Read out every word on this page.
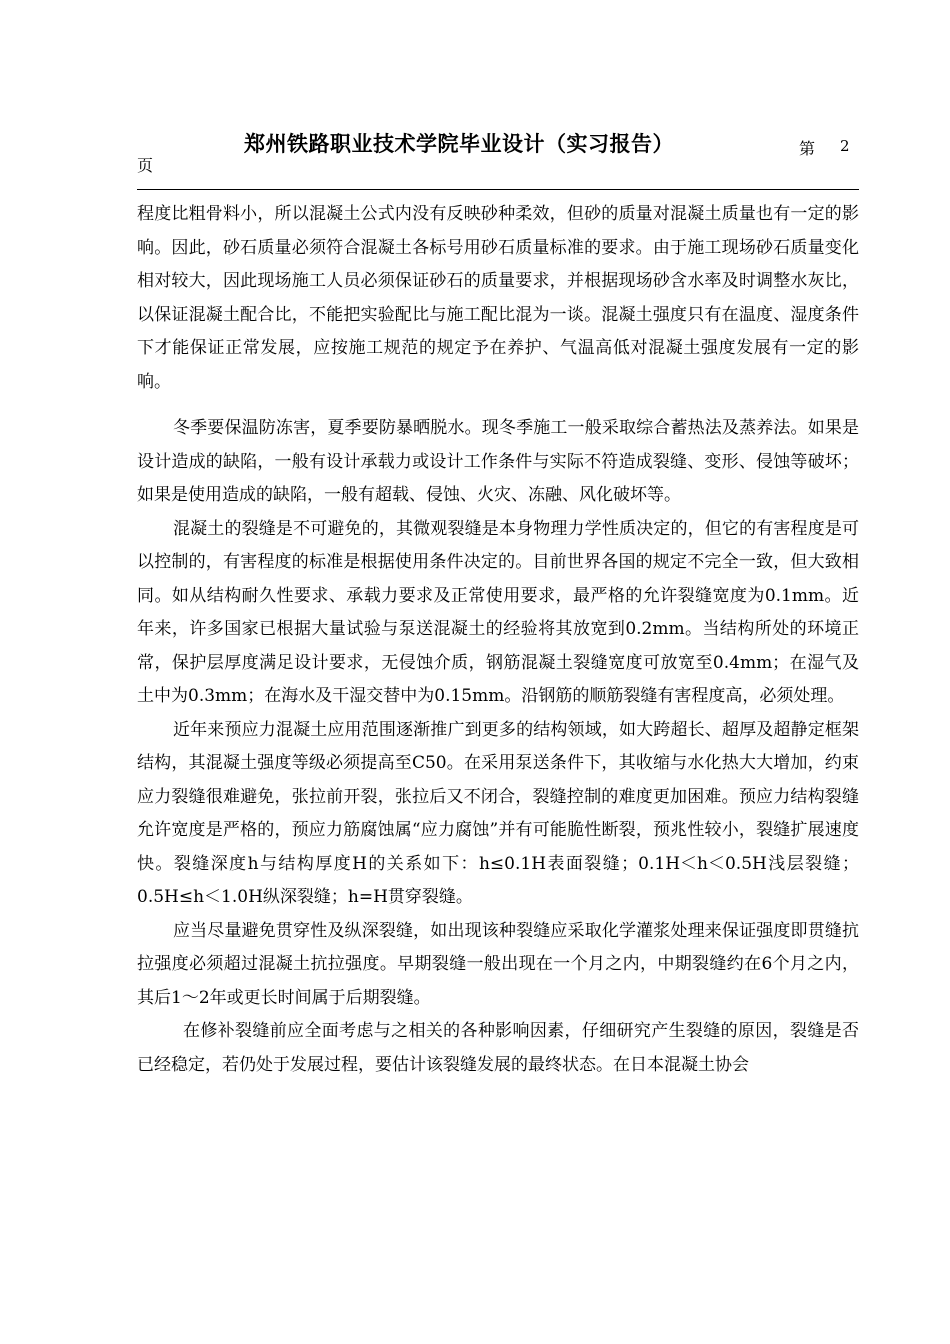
郑州铁路职业技术学院毕业设计（实习报告）	第 2
页

程度比粗骨料小，所以混凝土公式内没有反映砂种柔效，但砂的质量对混凝土质量也有一定的影响。因此，砂石质量必须符合混凝土各标号用砂石质量标准的要求。由于施工现场砂石质量变化相对较大，因此现场施工人员必须保证砂石的质量要求，并根据现场砂含水率及时调整水灰比，以保证混凝土配合比，不能把实验配比与施工配比混为一谈。混凝土强度只有在温度、湿度条件下才能保证正常发展，应按施工规范的规定予在养护、气温高低对混凝土强度发展有一定的影响。

冬季要保温防冻害，夏季要防暴晒脱水。现冬季施工一般采取综合蓄热法及蒸养法。如果是设计造成的缺陷，一般有设计承载力或设计工作条件与实际不符造成裂缝、变形、侵蚀等破坏；如果是使用造成的缺陷，一般有超载、侵蚀、火灾、冻融、风化破坏等。

混凝土的裂缝是不可避免的，其微观裂缝是本身物理力学性质决定的，但它的有害程度是可以控制的，有害程度的标准是根据使用条件决定的。目前世界各国的规定不完全一致，但大致相同。如从结构耐久性要求、承载力要求及正常使用要求，最严格的允许裂缝宽度为0.1mm。近年来，许多国家已根据大量试验与泵送混凝土的经验将其放宽到0.2mm。当结构所处的环境正常，保护层厚度满足设计要求，无侵蚀介质，钢筋混凝土裂缝宽度可放宽至0.4mm；在湿气及土中为0.3mm；在海水及干湿交替中为0.15mm。沿钢筋的顺筋裂缝有害程度高，必须处理。

近年来预应力混凝土应用范围逐渐推广到更多的结构领域，如大跨超长、超厚及超静定框架结构，其混凝土强度等级必须提高至C50。在采用泵送条件下，其收缩与水化热大大增加，约束应力裂缝很难避免，张拉前开裂，张拉后又不闭合，裂缝控制的难度更加困难。预应力结构裂缝允许宽度是严格的，预应力筋腐蚀属“应力腐蚀”并有可能脆性断裂，预兆性较小，裂缝扩展速度快。裂缝深度h与结构厚度H的关系如下：h≤0.1H表面裂缝；0.1H＜h＜0.5H浅层裂缝；0.5H≤h＜1.0H纵深裂缝；h=H贯穿裂缝。

应当尽量避免贯穿性及纵深裂缝，如出现该种裂缝应采取化学灌浆处理来保证强度即贯缝抗拉强度必须超过混凝土抗拉强度。早期裂缝一般出现在一个月之内，中期裂缝约在6个月之内，其后1～2年或更长时间属于后期裂缝。

在修补裂缝前应全面考虑与之相关的各种影响因素，仔细研究产生裂缝的原因，裂缝是否已经稳定，若仍处于发展过程，要估计该裂缝发展的最终状态。在日本混凝土协会
